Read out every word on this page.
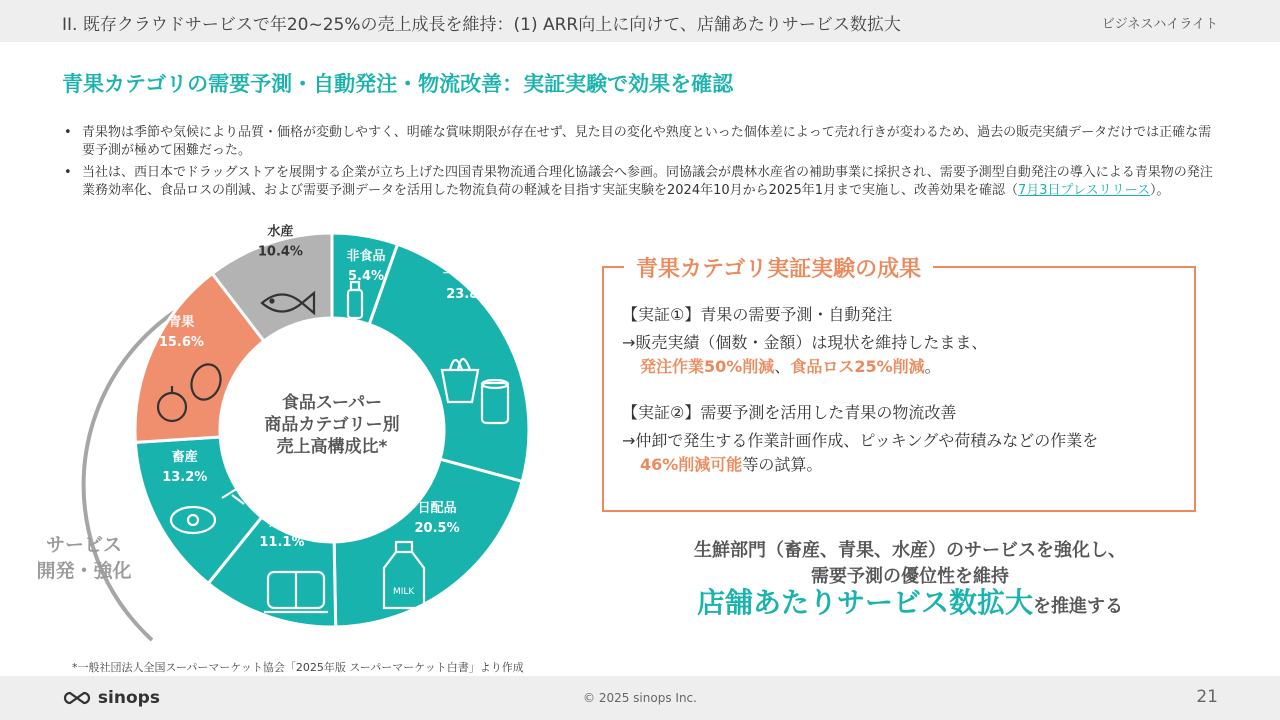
II. 既存クラウドサービスで年20~25%の売上成長を維持：(1) ARR向上に向けて、店舗あたりサービス数拡大	ビジネスハイライト
青果カテゴリの需要予測・自動発注・物流改善：実証実験で効果を確認
• 青果物は季節や気候により品質・価格が変動しやすく、明確な賞味期限が存在せず、見た目の変化や熟度といった個体差によって売れ行きが変わるため、過去の販売実績データだけでは正確な需要予測が極めて困難だった。
• 当社は、西日本でドラッグストアを展開する企業が立ち上げた四国青果物流通合理化協議会へ参画。同協議会が農林水産省の補助事業に採択され、需要予測型自動発注の導入による青果物の発注業務効率化、食品ロスの削減、および需要予測データを活用した物流負荷の軽減を目指す実証実験を2024年10月から2025年1月まで実施し、改善効果を確認（7月3日プレスリリース）。
非食品
5.4%	一般食品
23.8%
日配品
20.5%
惣菜
11.1%
畜産
13.2%
青果
15.6%
水産
10.4%
MILK
食品スーパー
商品カテゴリー別
売上高構成比*
サービス
開発・強化
*一般社団法人全国スーパーマーケット協会「2025年版 スーパーマーケット白書」より作成
青果カテゴリ実証実験の成果
【実証①】青果の需要予測・自動発注
→販売実績（個数・金額）は現状を維持したまま、
発注作業50%削減、食品ロス25%削減。
【実証②】需要予測を活用した青果の物流改善
→仲卸で発生する作業計画作成、ピッキングや荷積みなどの作業を
46%削減可能等の試算。
生鮮部門（畜産、青果、水産）のサービスを強化し、
需要予測の優位性を維持
店舗あたりサービス数拡大を推進する
sinops	© 2025 sinops Inc.	21
